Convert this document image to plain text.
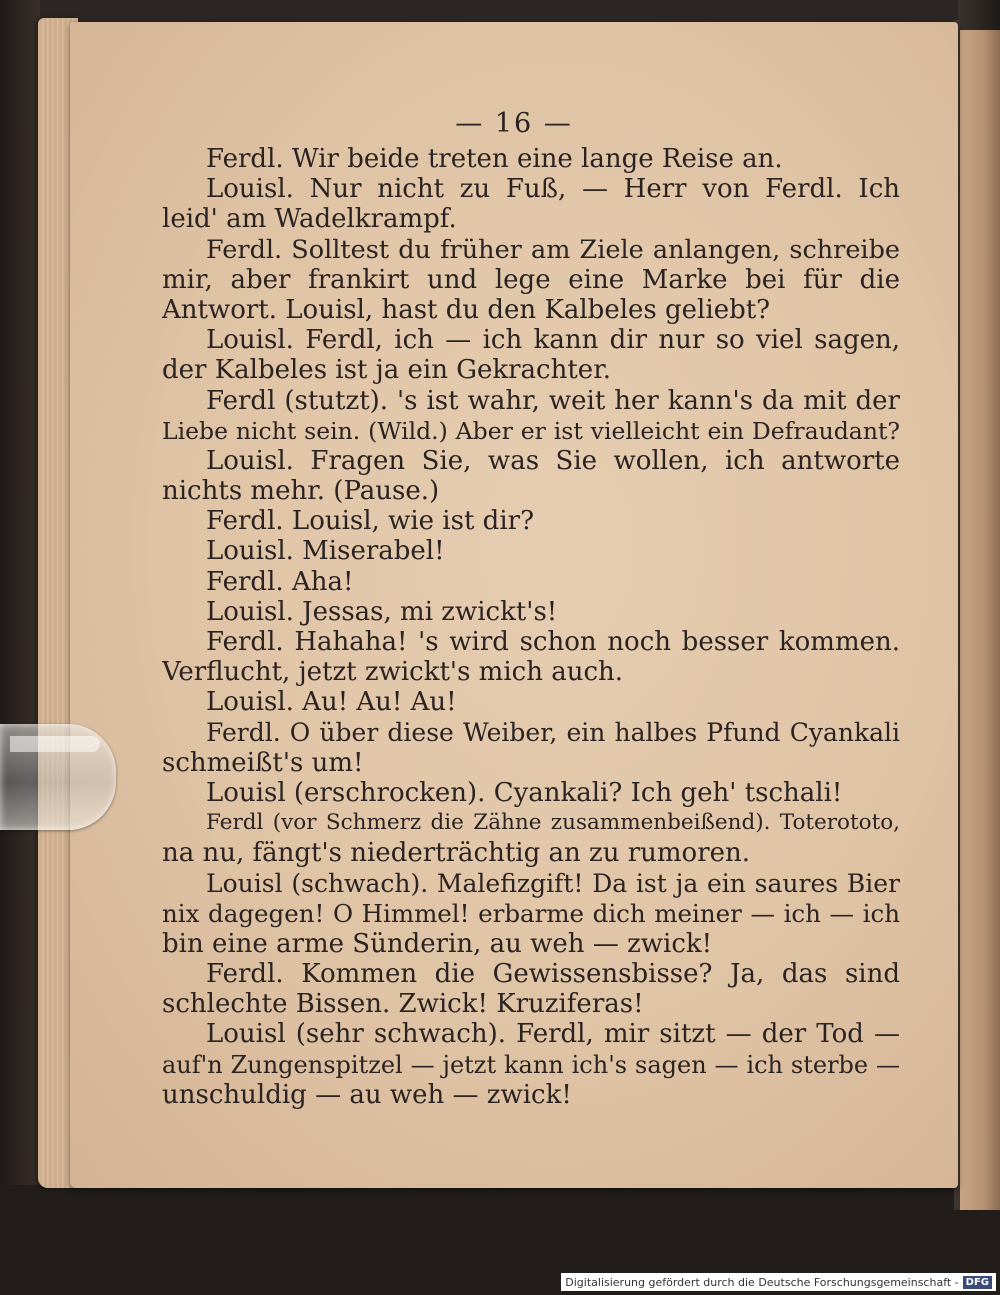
— 16 —
Ferdl. Wir beide treten eine lange Reise an.
Louisl. Nur nicht zu Fuß, — Herr von Ferdl. Ich
leid' am Wadelkrampf.
Ferdl. Solltest du früher am Ziele anlangen, schreibe
mir, aber frankirt und lege eine Marke bei für die
Antwort. Louisl, hast du den Kalbeles geliebt?
Louisl. Ferdl, ich — ich kann dir nur so viel sagen,
der Kalbeles ist ja ein Gekrachter.
Ferdl (stutzt). 's ist wahr, weit her kann's da mit der
Liebe nicht sein. (Wild.) Aber er ist vielleicht ein Defraudant?
Louisl. Fragen Sie, was Sie wollen, ich antworte
nichts mehr. (Pause.)
Ferdl. Louisl, wie ist dir?
Louisl. Miserabel!
Ferdl. Aha!
Louisl. Jessas, mi zwickt's!
Ferdl. Hahaha! 's wird schon noch besser kommen.
Verflucht, jetzt zwickt's mich auch.
Louisl. Au! Au! Au!
Ferdl. O über diese Weiber, ein halbes Pfund Cyankali
schmeißt's um!
Louisl (erschrocken). Cyankali? Ich geh' tschali!
Ferdl (vor Schmerz die Zähne zusammenbeißend). Toterototo,
na nu, fängt's niederträchtig an zu rumoren.
Louisl (schwach). Malefizgift! Da ist ja ein saures Bier
nix dagegen! O Himmel! erbarme dich meiner — ich — ich
bin eine arme Sünderin, au weh — zwick!
Ferdl. Kommen die Gewissensbisse? Ja, das sind
schlechte Bissen. Zwick! Kruziferas!
Louisl (sehr schwach). Ferdl, mir sitzt — der Tod —
auf'n Zungenspitzel — jetzt kann ich's sagen — ich sterbe —
unschuldig — au weh — zwick!
Digitalisierung gefördert durch die Deutsche Forschungsgemeinschaft - DFG
